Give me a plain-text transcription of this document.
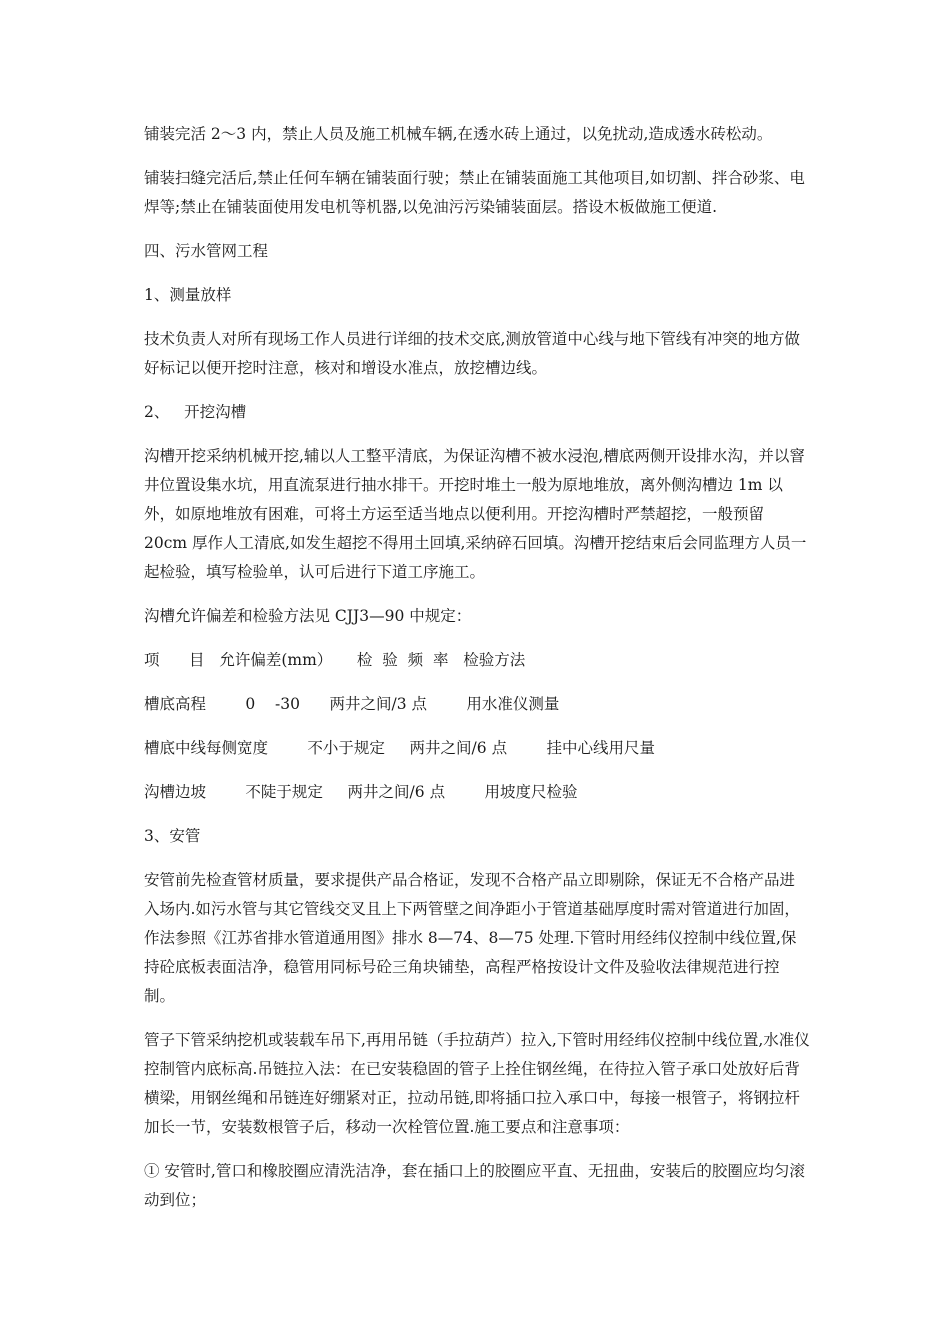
铺装完活 2～3 内，禁止人员及施工机械车辆,在透水砖上通过，以免扰动,造成透水砖松动。

铺装扫缝完活后,禁止任何车辆在铺装面行驶；禁止在铺装面施工其他项目,如切割、拌合砂浆、电焊等;禁止在铺装面使用发电机等机器,以免油污污染铺装面层。搭设木板做施工便道.

四、污水管网工程

1、测量放样

技术负责人对所有现场工作人员进行详细的技术交底,测放管道中心线与地下管线有冲突的地方做好标记以便开挖时注意，核对和增设水准点，放挖槽边线。

2、   开挖沟槽

沟槽开挖采纳机械开挖,辅以人工整平清底，为保证沟槽不被水浸泡,槽底两侧开设排水沟，并以窨井位置设集水坑，用直流泵进行抽水排干。开挖时堆土一般为原地堆放，离外侧沟槽边 1m 以外，如原地堆放有困难，可将土方运至适当地点以便利用。开挖沟槽时严禁超挖，一般预留 20cm 厚作人工清底,如发生超挖不得用土回填,采纳碎石回填。沟槽开挖结束后会同监理方人员一起检验，填写检验单，认可后进行下道工序施工。

沟槽允许偏差和检验方法见 CJJ3—90 中规定：

项      目   允许偏差(mm）     检  验  频  率   检验方法

槽底高程        0    -30      两井之间/3 点        用水准仪测量

槽底中线每侧宽度        不小于规定     两井之间/6 点        挂中心线用尺量

沟槽边坡        不陡于规定     两井之间/6 点        用坡度尺检验

3、安管

安管前先检查管材质量，要求提供产品合格证，发现不合格产品立即剔除，保证无不合格产品进入场内.如污水管与其它管线交叉且上下两管壁之间净距小于管道基础厚度时需对管道进行加固，作法参照《江苏省排水管道通用图》排水 8—74、8—75 处理.下管时用经纬仪控制中线位置,保持砼底板表面洁净，稳管用同标号砼三角块铺垫，高程严格按设计文件及验收法律规范进行控制。

管子下管采纳挖机或装载车吊下,再用吊链（手拉葫芦）拉入,下管时用经纬仪控制中线位置,水准仪控制管内底标高.吊链拉入法：在已安装稳固的管子上拴住钢丝绳，在待拉入管子承口处放好后背横梁，用钢丝绳和吊链连好绷紧对正，拉动吊链,即将插口拉入承口中，每接一根管子，将钢拉杆加长一节，安装数根管子后，移动一次栓管位置.施工要点和注意事项：

① 安管时,管口和橡胶圈应清洗洁净，套在插口上的胶圈应平直、无扭曲，安装后的胶圈应均匀滚动到位；
